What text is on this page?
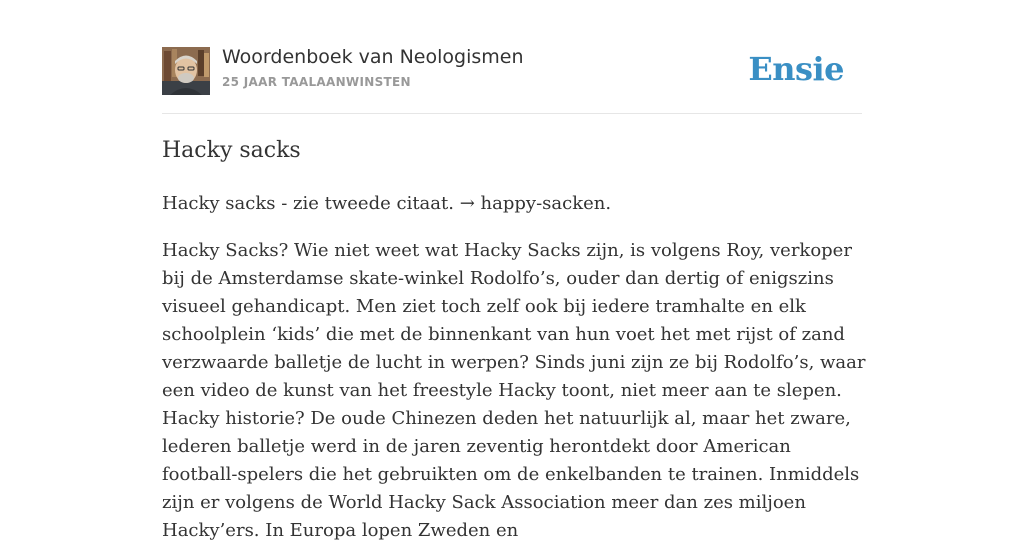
Woordenboek van Neologismen
25 JAAR TAALAANWINSTEN	Ensie
Hacky sacks

Hacky sacks - zie tweede citaat. → happy-sacken.

Hacky Sacks? Wie niet weet wat Hacky Sacks zijn, is volgens Roy, verkoper bij de Amsterdamse skate-winkel Rodolfo’s, ouder dan dertig of enigszins visueel gehandicapt. Men ziet toch zelf ook bij iedere tramhalte en elk schoolplein ‘kids’ die met de binnenkant van hun voet het met rijst of zand verzwaarde balletje de lucht in werpen? Sinds juni zijn ze bij Rodolfo’s, waar een video de kunst van het freestyle Hacky toont, niet meer aan te slepen. Hacky historie? De oude Chinezen deden het natuurlijk al, maar het zware, lederen balletje werd in de jaren zeventig herontdekt door American football-spelers die het gebruikten om de enkelbanden te trainen. Inmiddels zijn er volgens de World Hacky Sack Association meer dan zes miljoen Hacky’ers. In Europa lopen Zweden en
